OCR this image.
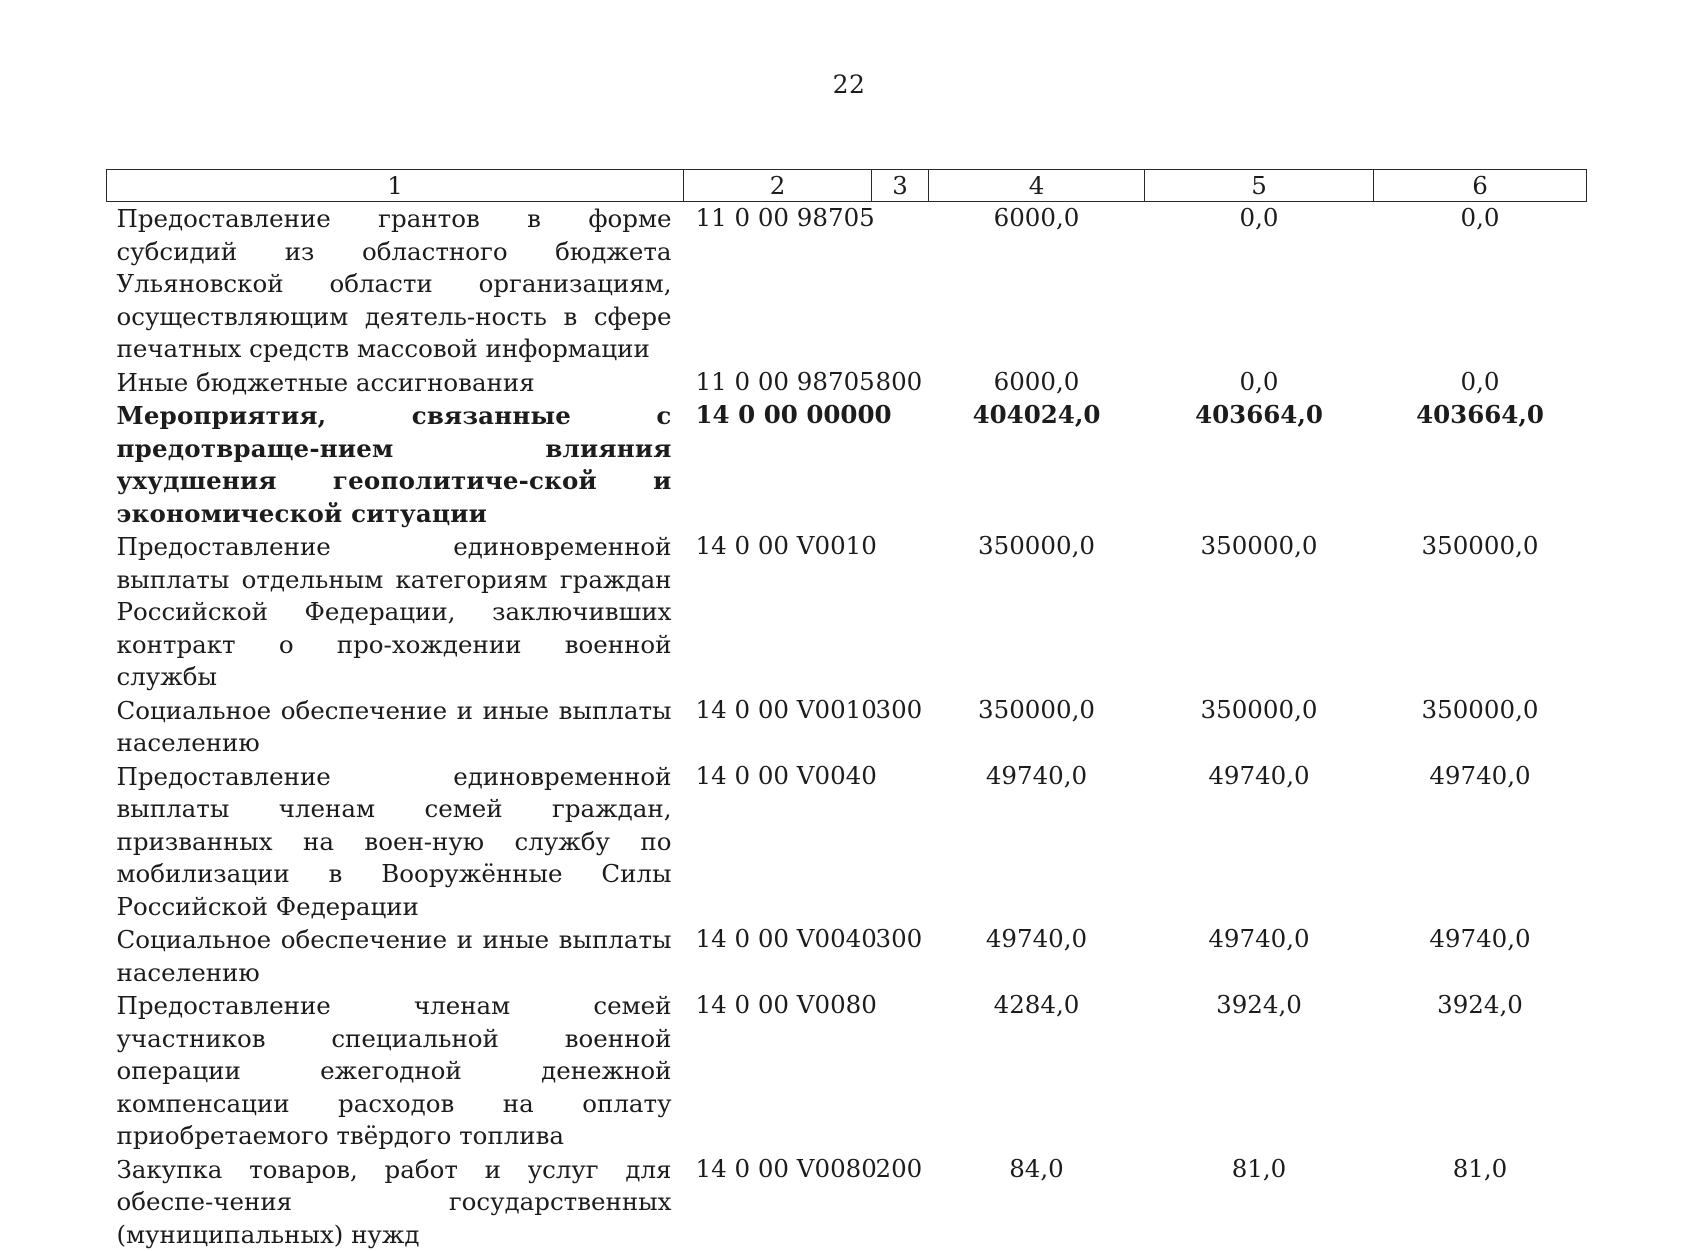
22
1	2	3	4	5	6
Предоставление грантов в форме субсидий из областного бюджета Ульяновской области организациям, осуществляющим деятель-ность в сфере печатных средств массовой информации	11 0 00 98705		6000,0	0,0	0,0
Иные бюджетные ассигнования	11 0 00 98705	800	6000,0	0,0	0,0
Мероприятия, связанные с предотвраще-нием влияния ухудшения геополитиче-ской и экономической ситуации	14 0 00 00000		404024,0	403664,0	403664,0
Предоставление единовременной выплаты отдельным категориям граждан Российской Федерации, заключивших контракт о про-хождении военной службы	14 0 00 V0010		350000,0	350000,0	350000,0
Социальное обеспечение и иные выплаты населению	14 0 00 V0010	300	350000,0	350000,0	350000,0
Предоставление единовременной выплаты членам семей граждан, призванных на воен-ную службу по мобилизации в Вооружённые Силы Российской Федерации	14 0 00 V0040		49740,0	49740,0	49740,0
Социальное обеспечение и иные выплаты населению	14 0 00 V0040	300	49740,0	49740,0	49740,0
Предоставление членам семей участников специальной военной операции ежегодной денежной компенсации расходов на оплату приобретаемого твёрдого топлива	14 0 00 V0080		4284,0	3924,0	3924,0
Закупка товаров, работ и услуг для обеспе-чения государственных (муниципальных) нужд	14 0 00 V0080	200	84,0	81,0	81,0
